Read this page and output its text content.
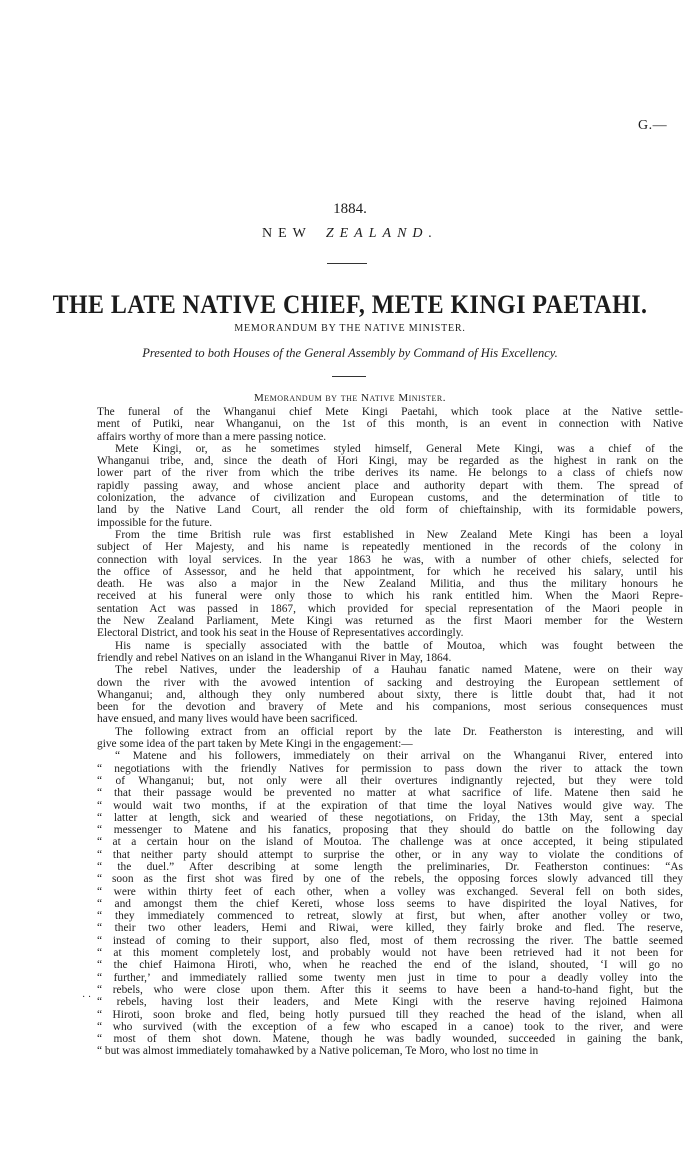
G.—
1884.
NEW ZEALAND.
THE LATE NATIVE CHIEF, METE KINGI PAETAHI.
MEMORANDUM BY THE NATIVE MINISTER.
Presented to both Houses of the General Assembly by Command of His Excellency.
Memorandum by the Native Minister.
The funeral of the Whanganui chief Mete Kingi Paetahi, which took place at the Native settle-
ment of Putiki, near Whanganui, on the 1st of this month, is an event in connection with Native
affairs worthy of more than a mere passing notice.
Mete Kingi, or, as he sometimes styled himself, General Mete Kingi, was a chief of the
Whanganui tribe, and, since the death of Hori Kingi, may be regarded as the highest in rank on the
lower part of the river from which the tribe derives its name. He belongs to a class of chiefs now
rapidly passing away, and whose ancient place and authority depart with them. The spread of
colonization, the advance of civilization and European customs, and the determination of title to
land by the Native Land Court, all render the old form of chieftainship, with its formidable powers,
impossible for the future.
From the time British rule was first established in New Zealand Mete Kingi has been a loyal
subject of Her Majesty, and his name is repeatedly mentioned in the records of the colony in
connection with loyal services. In the year 1863 he was, with a number of other chiefs, selected for
the office of Assessor, and he held that appointment, for which he received his salary, until his
death. He was also a major in the New Zealand Militia, and thus the military honours he
received at his funeral were only those to which his rank entitled him. When the Maori Repre-
sentation Act was passed in 1867, which provided for special representation of the Maori people in
the New Zealand Parliament, Mete Kingi was returned as the first Maori member for the Western
Electoral District, and took his seat in the House of Representatives accordingly.
His name is specially associated with the battle of Moutoa, which was fought between the
friendly and rebel Natives on an island in the Whanganui River in May, 1864.
The rebel Natives, under the leadership of a Hauhau fanatic named Matene, were on their way
down the river with the avowed intention of sacking and destroying the European settlement of
Whanganui; and, although they only numbered about sixty, there is little doubt that, had it not
been for the devotion and bravery of Mete and his companions, most serious consequences must
have ensued, and many lives would have been sacrificed.
The following extract from an official report by the late Dr. Featherston is interesting, and will
give some idea of the part taken by Mete Kingi in the engagement:—
“ Matene and his followers, immediately on their arrival on the Whanganui River, entered into
“ negotiations with the friendly Natives for permission to pass down the river to attack the town
“ of Whanganui; but, not only were all their overtures indignantly rejected, but they were told
“ that their passage would be prevented no matter at what sacrifice of life. Matene then said he
“ would wait two months, if at the expiration of that time the loyal Natives would give way. The
“ latter at length, sick and wearied of these negotiations, on Friday, the 13th May, sent a special
“ messenger to Matene and his fanatics, proposing that they should do battle on the following day
“ at a certain hour on the island of Moutoa. The challenge was at once accepted, it being stipulated
“ that neither party should attempt to surprise the other, or in any way to violate the conditions of
“ the duel.” After describing at some length the preliminaries, Dr. Featherston continues: “As
“ soon as the first shot was fired by one of the rebels, the opposing forces slowly advanced till they
“ were within thirty feet of each other, when a volley was exchanged. Several fell on both sides,
“ and amongst them the chief Kereti, whose loss seems to have dispirited the loyal Natives, for
“ they immediately commenced to retreat, slowly at first, but when, after another volley or two,
“ their two other leaders, Hemi and Riwai, were killed, they fairly broke and fled. The reserve,
“ instead of coming to their support, also fled, most of them recrossing the river. The battle seemed
“ at this moment completely lost, and probably would not have been retrieved had it not been for
“ the chief Haimona Hiroti, who, when he reached the end of the island, shouted, ‘I will go no
“ further,’ and immediately rallied some twenty men just in time to pour a deadly volley into the
“ rebels, who were close upon them. After this it seems to have been a hand-to-hand fight, but the
“ rebels, having lost their leaders, and Mete Kingi with the reserve having rejoined Haimona
“ Hiroti, soon broke and fled, being hotly pursued till they reached the head of the island, when all
“ who survived (with the exception of a few who escaped in a canoe) took to the river, and were
“ most of them shot down. Matene, though he was badly wounded, succeeded in gaining the bank,
“ but was almost immediately tomahawked by a Native policeman, Te Moro, who lost no time in
· ·
